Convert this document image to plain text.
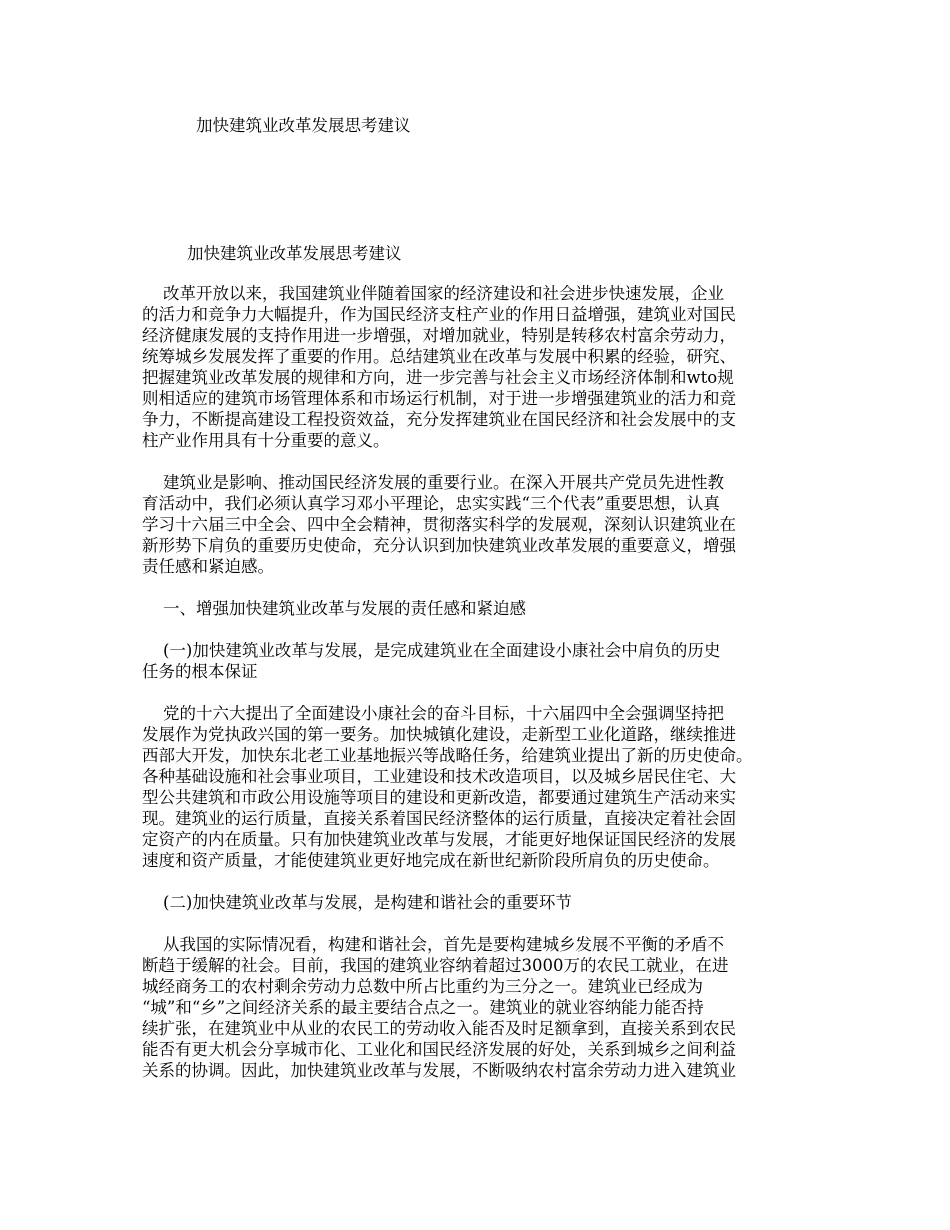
加快建筑业改革发展思考建议
加快建筑业改革发展思考建议
改革开放以来，我国建筑业伴随着国家的经济建设和社会进步快速发展，企业
的活力和竞争力大幅提升，作为国民经济支柱产业的作用日益增强，建筑业对国民
经济健康发展的支持作用进一步增强，对增加就业，特别是转移农村富余劳动力，
统筹城乡发展发挥了重要的作用。总结建筑业在改革与发展中积累的经验，研究、
把握建筑业改革发展的规律和方向，进一步完善与社会主义市场经济体制和wto规
则相适应的建筑市场管理体系和市场运行机制，对于进一步增强建筑业的活力和竞
争力，不断提高建设工程投资效益，充分发挥建筑业在国民经济和社会发展中的支
柱产业作用具有十分重要的意义。
建筑业是影响、推动国民经济发展的重要行业。在深入开展共产党员先进性教
育活动中，我们必须认真学习邓小平理论，忠实实践“三个代表”重要思想，认真
学习十六届三中全会、四中全会精神，贯彻落实科学的发展观，深刻认识建筑业在
新形势下肩负的重要历史使命，充分认识到加快建筑业改革发展的重要意义，增强
责任感和紧迫感。
一、增强加快建筑业改革与发展的责任感和紧迫感
(一)加快建筑业改革与发展，是完成建筑业在全面建设小康社会中肩负的历史
任务的根本保证
党的十六大提出了全面建设小康社会的奋斗目标，十六届四中全会强调坚持把
发展作为党执政兴国的第一要务。加快城镇化建设，走新型工业化道路，继续推进
西部大开发，加快东北老工业基地振兴等战略任务，给建筑业提出了新的历史使命。
各种基础设施和社会事业项目，工业建设和技术改造项目，以及城乡居民住宅、大
型公共建筑和市政公用设施等项目的建设和更新改造，都要通过建筑生产活动来实
现。建筑业的运行质量，直接关系着国民经济整体的运行质量，直接决定着社会固
定资产的内在质量。只有加快建筑业改革与发展，才能更好地保证国民经济的发展
速度和资产质量，才能使建筑业更好地完成在新世纪新阶段所肩负的历史使命。
(二)加快建筑业改革与发展，是构建和谐社会的重要环节
从我国的实际情况看，构建和谐社会，首先是要构建城乡发展不平衡的矛盾不
断趋于缓解的社会。目前，我国的建筑业容纳着超过3000万的农民工就业，在进
城经商务工的农村剩余劳动力总数中所占比重约为三分之一。建筑业已经成为
“城”和“乡”之间经济关系的最主要结合点之一。建筑业的就业容纳能力能否持
续扩张，在建筑业中从业的农民工的劳动收入能否及时足额拿到，直接关系到农民
能否有更大机会分享城市化、工业化和国民经济发展的好处，关系到城乡之间利益
关系的协调。因此，加快建筑业改革与发展，不断吸纳农村富余劳动力进入建筑业
